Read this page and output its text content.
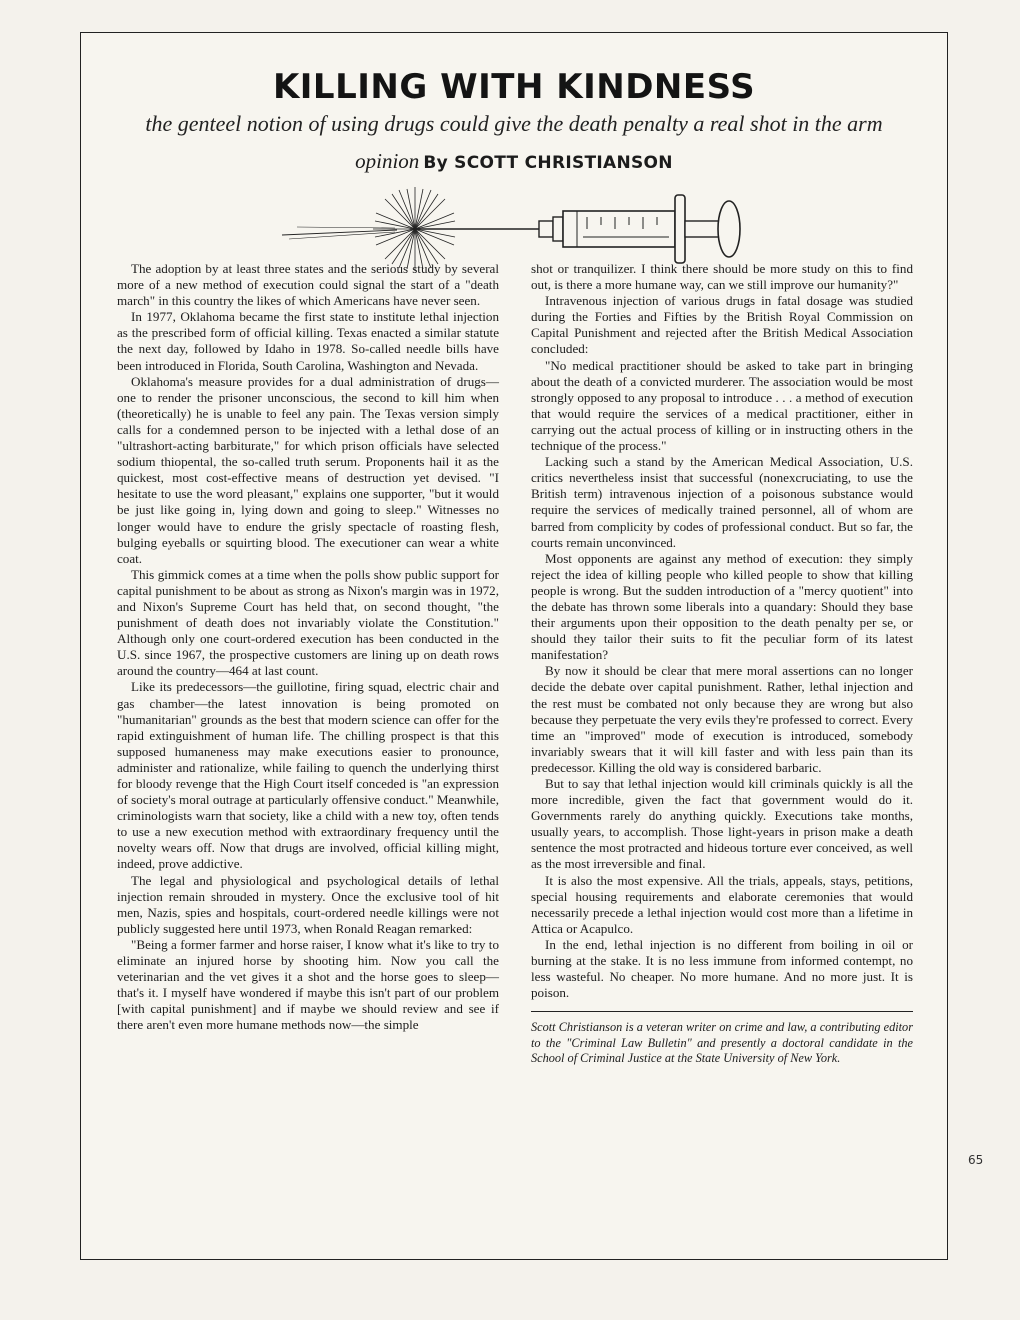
KILLING WITH KINDNESS

the genteel notion of using drugs could give the death penalty a real shot in the arm

opinion By SCOTT CHRISTIANSON

The adoption by at least three states and the serious study by several more of a new method of execution could signal the start of a "death march" in this country the likes of which Americans have never seen.

In 1977, Oklahoma became the first state to institute lethal injection as the prescribed form of official killing. Texas enacted a similar statute the next day, followed by Idaho in 1978. So-called needle bills have been introduced in Florida, South Carolina, Washington and Nevada.

Oklahoma's measure provides for a dual administration of drugs—one to render the prisoner unconscious, the second to kill him when (theoretically) he is unable to feel any pain. The Texas version simply calls for a condemned person to be injected with a lethal dose of an "ultrashort-acting barbiturate," for which prison officials have selected sodium thiopental, the so-called truth serum. Proponents hail it as the quickest, most cost-effective means of destruction yet devised. "I hesitate to use the word pleasant," explains one supporter, "but it would be just like going in, lying down and going to sleep." Witnesses no longer would have to endure the grisly spectacle of roasting flesh, bulging eyeballs or squirting blood. The executioner can wear a white coat.

This gimmick comes at a time when the polls show public support for capital punishment to be about as strong as Nixon's margin was in 1972, and Nixon's Supreme Court has held that, on second thought, "the punishment of death does not invariably violate the Constitution." Although only one court-ordered execution has been conducted in the U.S. since 1967, the prospective customers are lining up on death rows around the country—464 at last count.

Like its predecessors—the guillotine, firing squad, electric chair and gas chamber—the latest innovation is being promoted on "humanitarian" grounds as the best that modern science can offer for the rapid extinguishment of human life. The chilling prospect is that this supposed humaneness may make executions easier to pronounce, administer and rationalize, while failing to quench the underlying thirst for bloody revenge that the High Court itself conceded is "an expression of society's moral outrage at particularly offensive conduct." Meanwhile, criminologists warn that society, like a child with a new toy, often tends to use a new execution method with extraordinary frequency until the novelty wears off. Now that drugs are involved, official killing might, indeed, prove addictive.

The legal and physiological and psychological details of lethal injection remain shrouded in mystery. Once the exclusive tool of hit men, Nazis, spies and hospitals, court-ordered needle killings were not publicly suggested here until 1973, when Ronald Reagan remarked:

"Being a former farmer and horse raiser, I know what it's like to try to eliminate an injured horse by shooting him. Now you call the veterinarian and the vet gives it a shot and the horse goes to sleep—that's it. I myself have wondered if maybe this isn't part of our problem [with capital punishment] and if maybe we should review and see if there aren't even more humane methods now—the simple

shot or tranquilizer. I think there should be more study on this to find out, is there a more humane way, can we still improve our humanity?"

Intravenous injection of various drugs in fatal dosage was studied during the Forties and Fifties by the British Royal Commission on Capital Punishment and rejected after the British Medical Association concluded:

"No medical practitioner should be asked to take part in bringing about the death of a convicted murderer. The association would be most strongly opposed to any proposal to introduce . . . a method of execution that would require the services of a medical practitioner, either in carrying out the actual process of killing or in instructing others in the technique of the process."

Lacking such a stand by the American Medical Association, U.S. critics nevertheless insist that successful (nonexcruciating, to use the British term) intravenous injection of a poisonous substance would require the services of medically trained personnel, all of whom are barred from complicity by codes of professional conduct. But so far, the courts remain unconvinced.

Most opponents are against any method of execution: they simply reject the idea of killing people who killed people to show that killing people is wrong. But the sudden introduction of a "mercy quotient" into the debate has thrown some liberals into a quandary: Should they base their arguments upon their opposition to the death penalty per se, or should they tailor their suits to fit the peculiar form of its latest manifestation?

By now it should be clear that mere moral assertions can no longer decide the debate over capital punishment. Rather, lethal injection and the rest must be combated not only because they are wrong but also because they perpetuate the very evils they're professed to correct. Every time an "improved" mode of execution is introduced, somebody invariably swears that it will kill faster and with less pain than its predecessor. Killing the old way is considered barbaric.

But to say that lethal injection would kill criminals quickly is all the more incredible, given the fact that government would do it. Governments rarely do anything quickly. Executions take months, usually years, to accomplish. Those light-years in prison make a death sentence the most protracted and hideous torture ever conceived, as well as the most irreversible and final.

It is also the most expensive. All the trials, appeals, stays, petitions, special housing requirements and elaborate ceremonies that would necessarily precede a lethal injection would cost more than a lifetime in Attica or Acapulco.

In the end, lethal injection is no different from boiling in oil or burning at the stake. It is no less immune from informed contempt, no less wasteful. No cheaper. No more humane. And no more just. It is poison.

Scott Christianson is a veteran writer on crime and law, a contributing editor to the "Criminal Law Bulletin" and presently a doctoral candidate in the School of Criminal Justice at the State University of New York.

65
